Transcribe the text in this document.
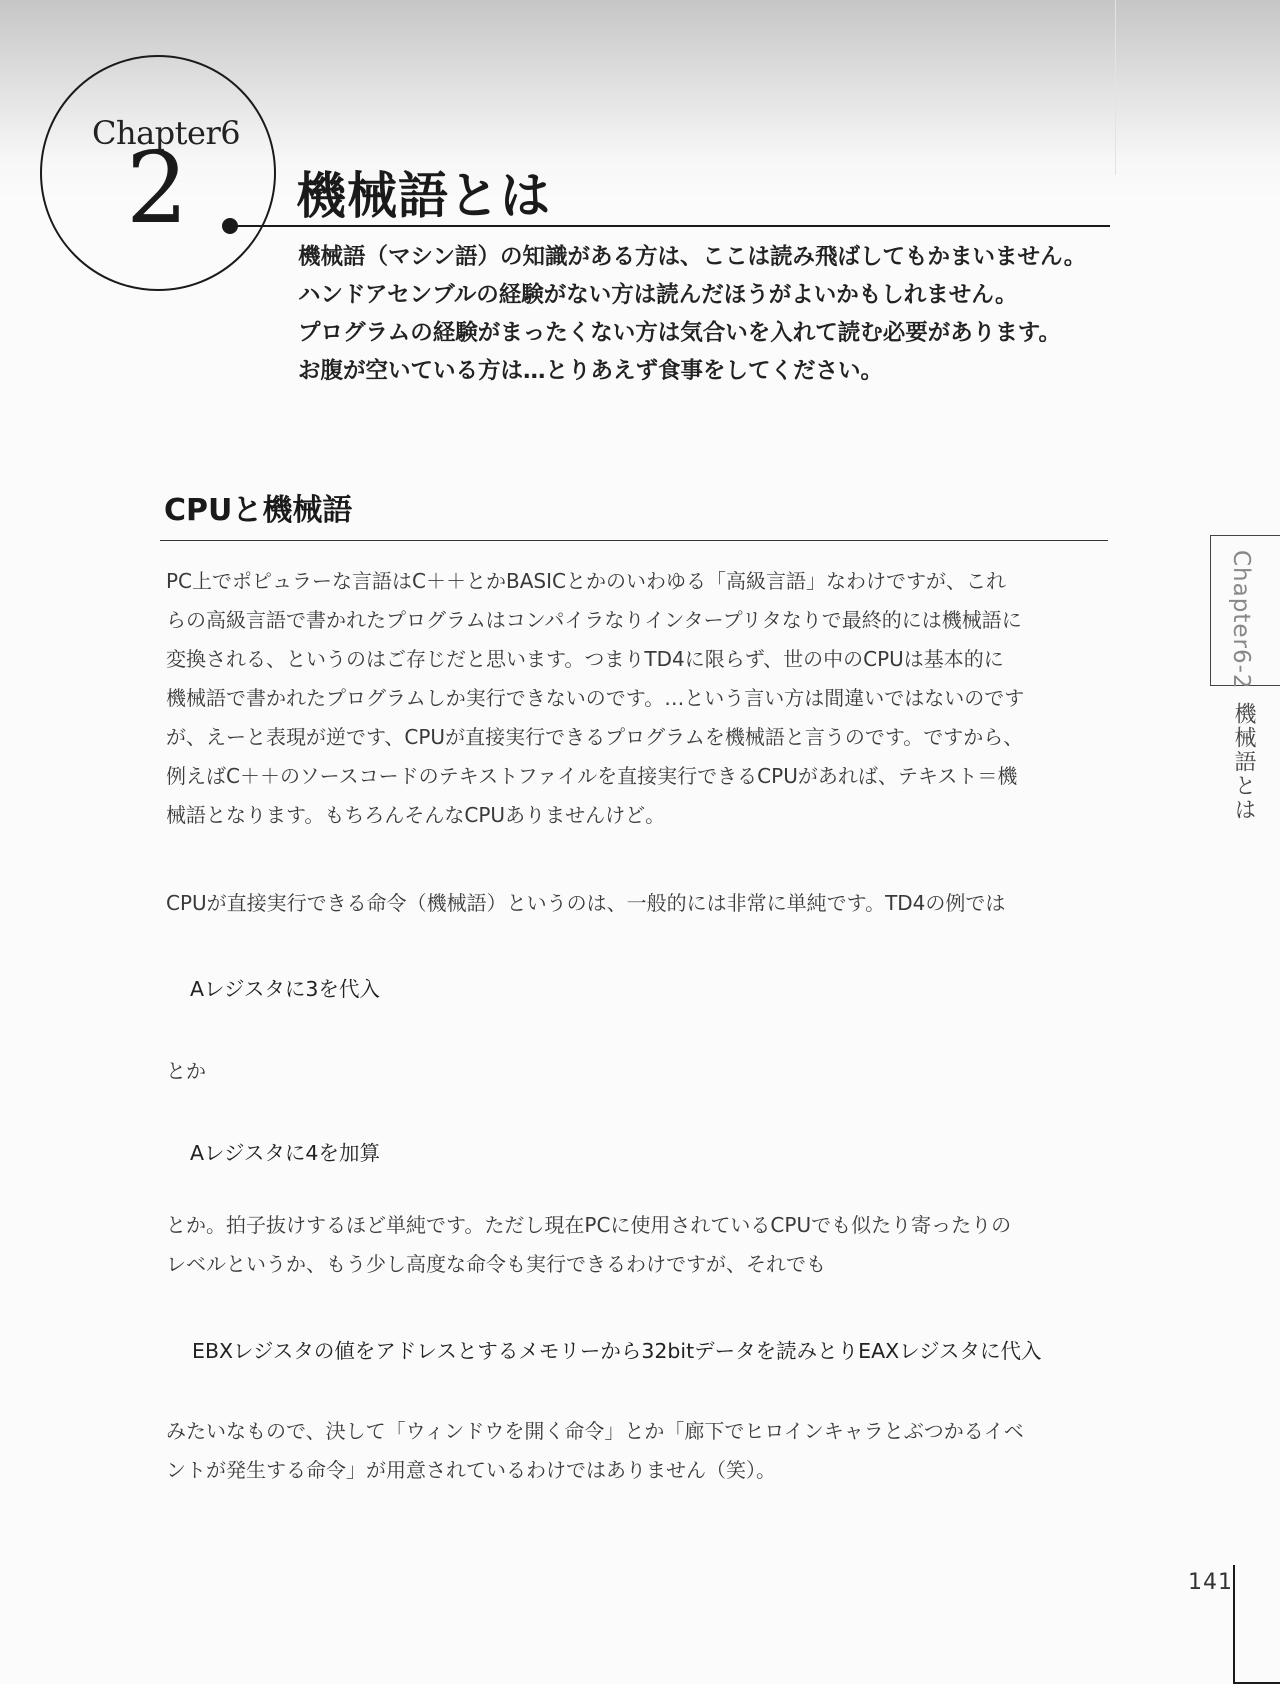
Chapter6
2 機械語とは
機械語（マシン語）の知識がある方は、ここは読み飛ばしてもかまいません。
ハンドアセンブルの経験がない方は読んだほうがよいかもしれません。
プログラムの経験がまったくない方は気合いを入れて読む必要があります。
お腹が空いている方は…とりあえず食事をしてください。
CPUと機械語
PC上でポピュラーな言語はC＋＋とかBASICとかのいわゆる「高級言語」なわけですが、これ
らの高級言語で書かれたプログラムはコンパイラなりインタープリタなりで最終的には機械語に
変換される、というのはご存じだと思います。つまりTD4に限らず、世の中のCPUは基本的に
機械語で書かれたプログラムしか実行できないのです。…という言い方は間違いではないのです
が、えーと表現が逆です、CPUが直接実行できるプログラムを機械語と言うのです。ですから、
例えばC＋＋のソースコードのテキストファイルを直接実行できるCPUがあれば、テキスト＝機
械語となります。もちろんそんなCPUありませんけど。
CPUが直接実行できる命令（機械語）というのは、一般的には非常に単純です。TD4の例では
Aレジスタに3を代入
とか
Aレジスタに4を加算
とか。拍子抜けするほど単純です。ただし現在PCに使用されているCPUでも似たり寄ったりの
レベルというか、もう少し高度な命令も実行できるわけですが、それでも
EBXレジスタの値をアドレスとするメモリーから32bitデータを読みとりEAXレジスタに代入
みたいなもので、決して「ウィンドウを開く命令」とか「廊下でヒロインキャラとぶつかるイベ
ントが発生する命令」が用意されているわけではありません（笑）。
Chapter6-2
機械語とは
141
